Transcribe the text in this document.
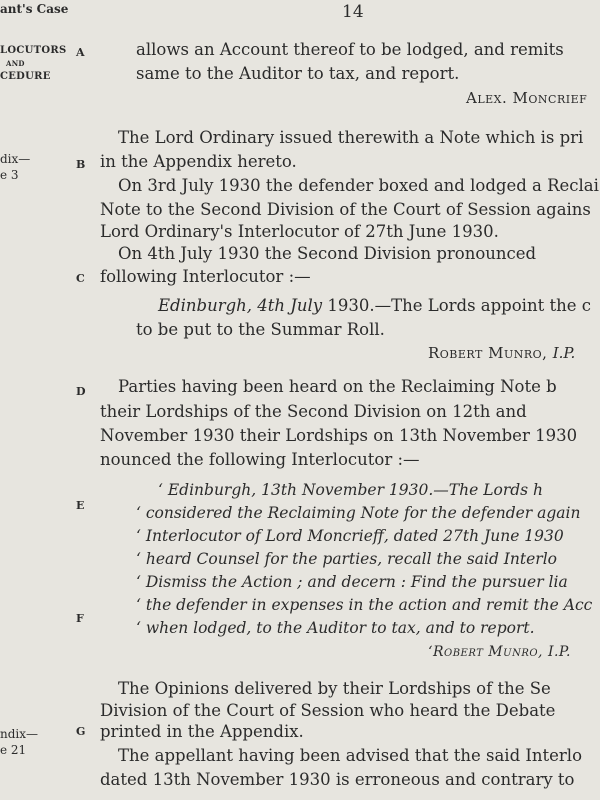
ant's Case	14
LOCUTORS
and
CEDURE
dix—
e 3
ndix—
e 21
A
B
C
D
E
F
G
allows an Account thereof to be lodged, and remits
same to the Auditor to tax, and report.
Alex. Moncrief
The Lord Ordinary issued therewith a Note which is pri
in the Appendix hereto.
On 3rd July 1930 the defender boxed and lodged a Reclai
Note to the Second Division of the Court of Session agains
Lord Ordinary's Interlocutor of 27th June 1930.
On 4th July 1930 the Second Division pronounced
following Interlocutor :—
Edinburgh, 4th July 1930.—The Lords appoint the c
to be put to the Summar Roll.
Robert Munro, I.P.
Parties having been heard on the Reclaiming Note b
their Lordships of the Second Division on 12th and
November 1930 their Lordships on 13th November 1930
nounced the following Interlocutor :—
‘ Edinburgh, 13th November 1930.—The Lords h
‘ considered the Reclaiming Note for the defender again
‘ Interlocutor of Lord Moncrieff, dated 27th June 1930
‘ heard Counsel for the parties, recall the said Interlo
‘ Dismiss the Action ; and decern : Find the pursuer lia
‘ the defender in expenses in the action and remit the Acc
‘ when lodged, to the Auditor to tax, and to report.
‘Robert Munro, I.P.
The Opinions delivered by their Lordships of the Se
Division of the Court of Session who heard the Debate
printed in the Appendix.
The appellant having been advised that the said Interlo
dated 13th November 1930 is erroneous and contrary to
